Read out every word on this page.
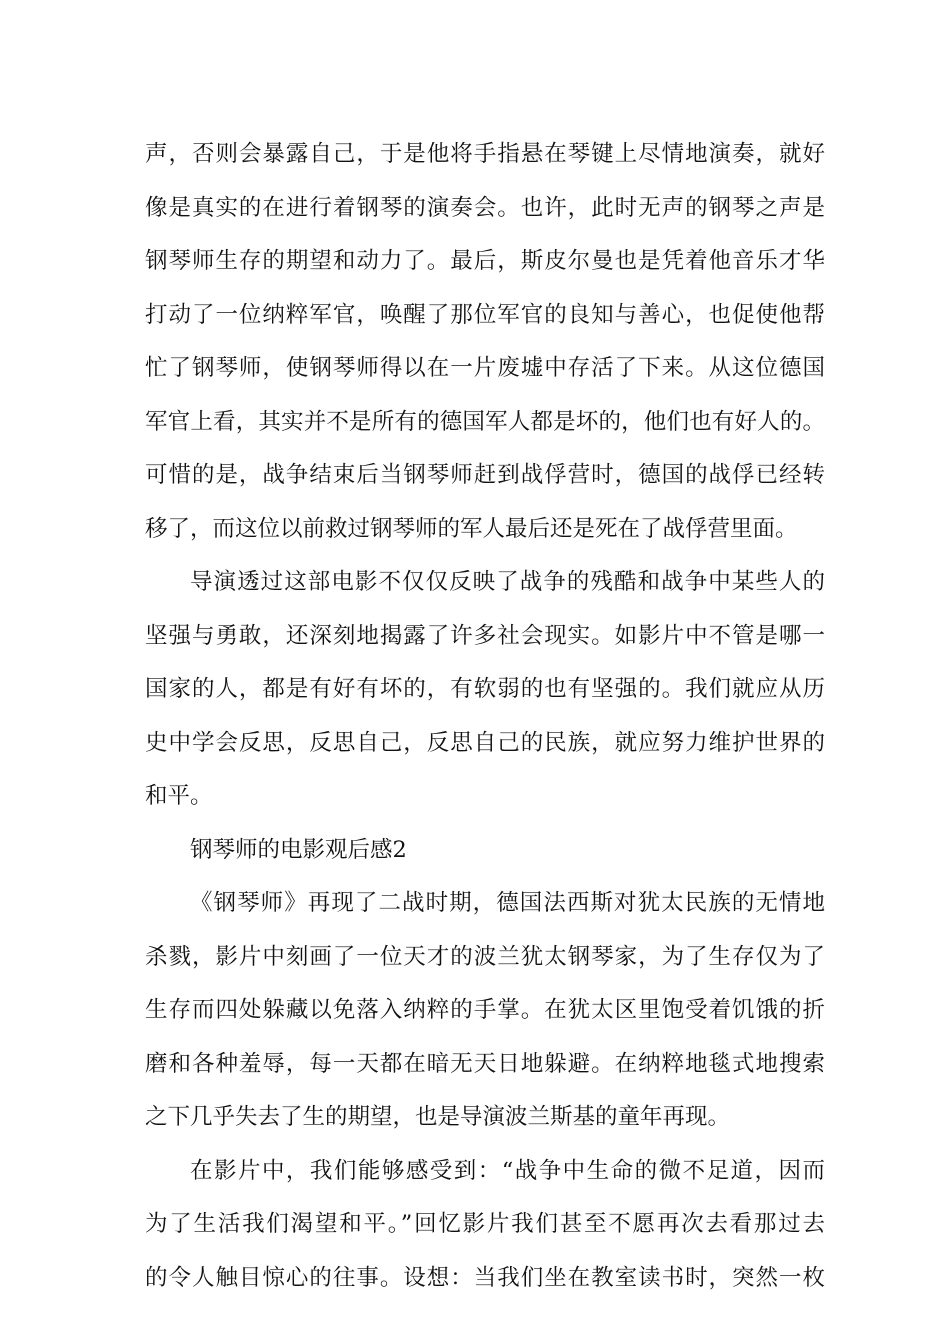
声，否则会暴露自己，于是他将手指悬在琴键上尽情地演奏，就好
像是真实的在进行着钢琴的演奏会。也许，此时无声的钢琴之声是
钢琴师生存的期望和动力了。最后，斯皮尔曼也是凭着他音乐才华
打动了一位纳粹军官，唤醒了那位军官的良知与善心，也促使他帮
忙了钢琴师，使钢琴师得以在一片废墟中存活了下来。从这位德国
军官上看，其实并不是所有的德国军人都是坏的，他们也有好人的。
可惜的是，战争结束后当钢琴师赶到战俘营时，德国的战俘已经转
移了，而这位以前救过钢琴师的军人最后还是死在了战俘营里面。
导演透过这部电影不仅仅反映了战争的残酷和战争中某些人的
坚强与勇敢，还深刻地揭露了许多社会现实。如影片中不管是哪一
国家的人，都是有好有坏的，有软弱的也有坚强的。我们就应从历
史中学会反思，反思自己，反思自己的民族，就应努力维护世界的
和平。
钢琴师的电影观后感2
《钢琴师》再现了二战时期，德国法西斯对犹太民族的无情地
杀戮，影片中刻画了一位天才的波兰犹太钢琴家，为了生存仅为了
生存而四处躲藏以免落入纳粹的手掌。在犹太区里饱受着饥饿的折
磨和各种羞辱，每一天都在暗无天日地躲避。在纳粹地毯式地搜索
之下几乎失去了生的期望，也是导演波兰斯基的童年再现。
在影片中，我们能够感受到：“战争中生命的微不足道，因而
为了生活我们渴望和平。”回忆影片我们甚至不愿再次去看那过去
的令人触目惊心的往事。设想：当我们坐在教室读书时，突然一枚
